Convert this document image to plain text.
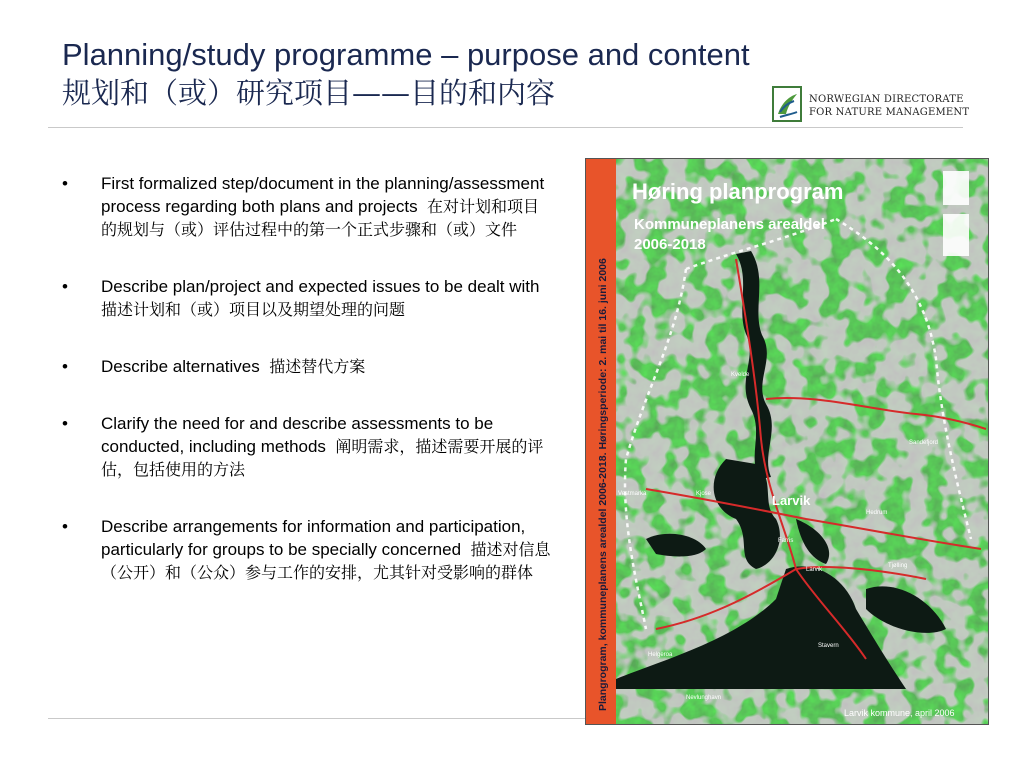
Planning/study programme – purpose and content
规划和（或）研究项目——目的和内容	NORWEGIAN DIRECTORATE
FOR NATURE MANAGEMENT
• First formalized step/document in the planning/assessment process regarding both plans and projects 在对计划和项目的规划与（或）评估过程中的第一个正式步骤和（或）文件
• Describe plan/project and expected issues to be dealt with  描述计划和（或）项目以及期望处理的问题
• Describe alternatives 描述替代方案
• Clarify the need for and describe assessments to be conducted, including methods 阐明需求，描述需要开展的评估，包括使用的方法
• Describe arrangements for information and participation, particularly for groups to be specially concerned 描述对信息（公开）和（公众）参与工作的安排，尤其针对受影响的群体	Plangrogram, kommuneplanens arealdel 2006-2018. Høringsperiode: 2. mai til 16. juni 2006
Høring planprogram
Kommuneplanens arealdel
2006-2018
Larvik
Kvelde
Sandefjord
Vestmarka	Kjose
Hedrum
Farris
Larvik
Tjølling
Helgeroa
Stavern
Nevlunghavn
Larvik kommune, april 2006
